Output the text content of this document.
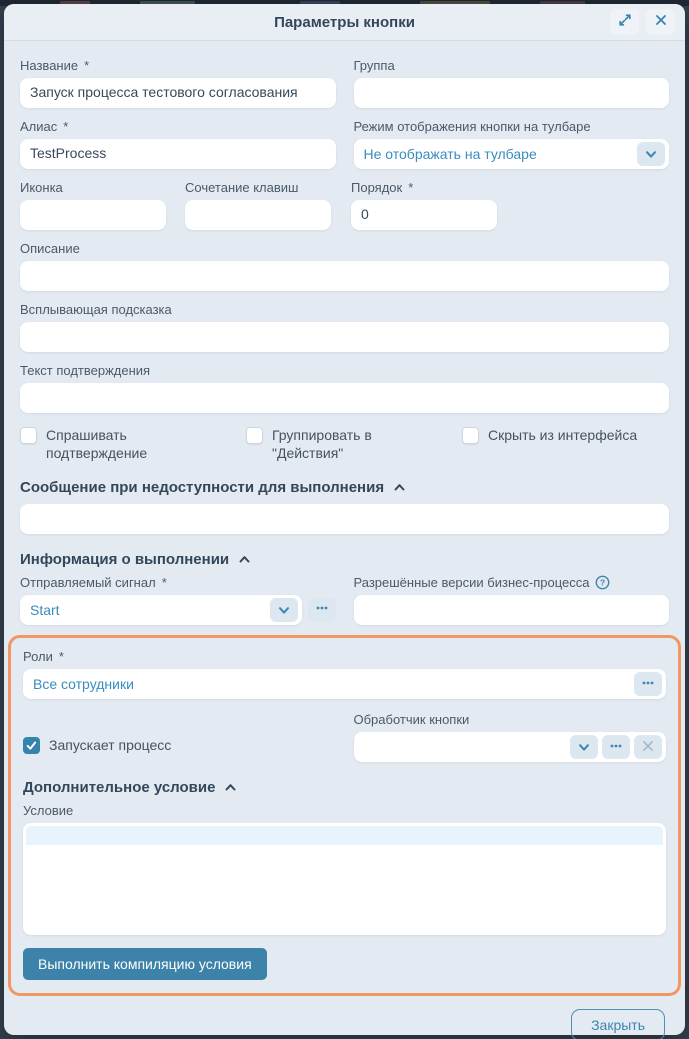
Параметры кнопки
Название *
Запуск процесса тестового согласования
Группа
Алиас *
TestProcess
Режим отображения кнопки на тулбаре
Не отображать на тулбаре
Иконка	Сочетание клавиш	Порядок *
0
Описание
Всплывающая подсказка
Текст подтверждения
Спрашивать подтверждение
Группировать в "Действия"
Скрыть из интерфейса
Сообщение при недоступности для выполнения
Информация о выполнении
Отправляемый сигнал *
Start
Разрешённые версии бизнес-процесса
Роли *
Все сотрудники
Запускает процесс
Обработчик кнопки
Дополнительное условие
Условие
Выполнить компиляцию условия
Закрыть
